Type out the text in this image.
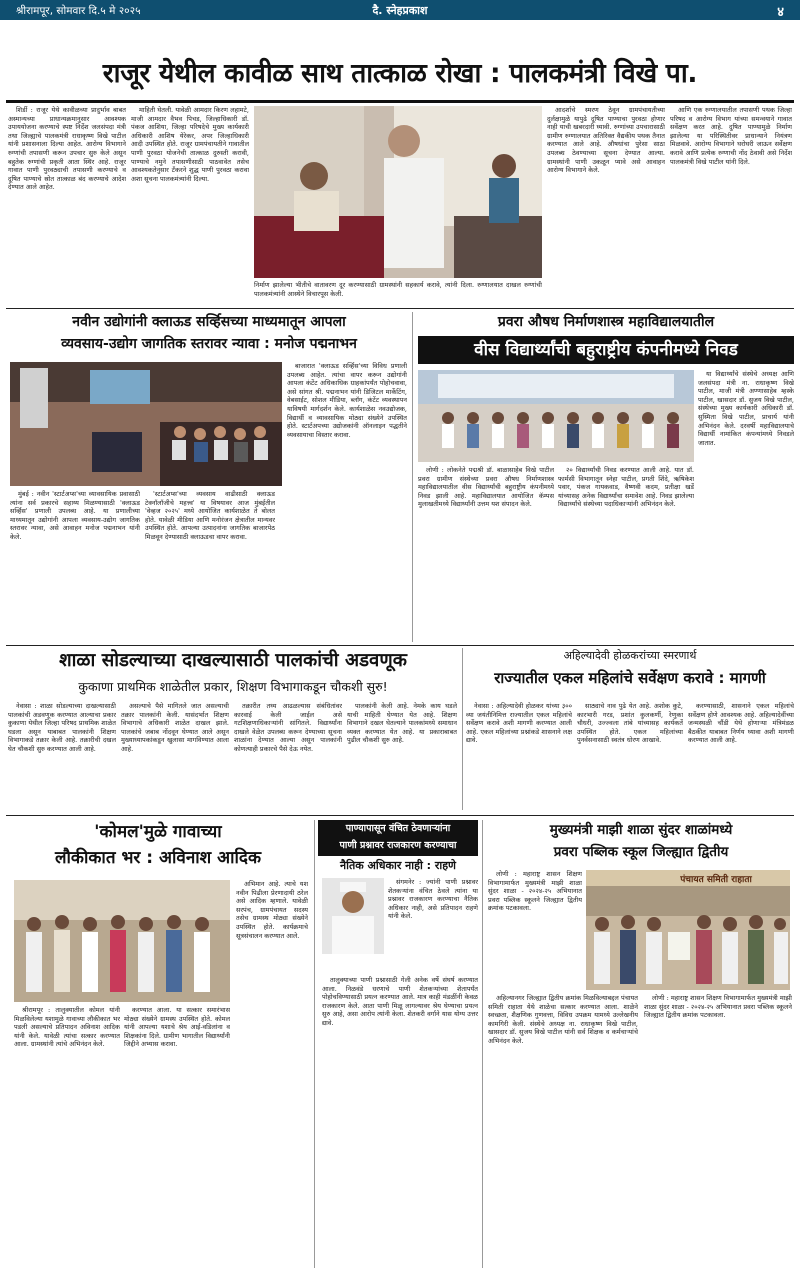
श्रीरामपूर, सोमवार दि.५ मे २०२५	दै. स्नेहप्रकाश	४
राजूर येथील कावीळ साथ तात्काळ रोखा : पालकमंत्री विखे पा.

शिर्डी : राजूर येथे कावीळच्या प्रादुर्भाव बाबत अस्मान्यच्या प्राधान्यक्रमानुसार आवश्यक उपाययोजना करण्याचे स्पष्ट निर्देश जलसंपदा मंत्री तथा जिल्ह्याचे पालकमंत्री राधाकृष्ण विखे पाटील यांनी प्रशासनाला दिल्या आहेत. आरोग्य विभागाने रुग्णांची तपासणी करून उपचार सुरु केले असून बहुतेक रुग्णांची प्रकृती आता स्थिर आहे. राजूर गावात पाणी पुरवठ्याची तपासणी करण्याचे व दूषित पाण्याचे स्रोत तात्काळ बंद करण्याचे आदेश देण्यात आले आहेत.

माहिती घेतली. यावेळी आमदार किरण लहामटे, माजी आमदार वैभव पिचड, जिल्हाधिकारी डॉ. पंकज आशिया, जिल्हा परिषदेचे मुख्य कार्यकारी अधिकारी आशिष येरेकर, अपर जिल्हाधिकारी आदी उपस्थित होते. राजूर ग्रामपंचायतीने गावातील पाणी पुरवठा योजनेची तात्काळ दुरुस्ती करावी, पाण्याचे नमुने तपासणीसाठी पाठवावेत तसेच आवश्यकतेनुसार टँकरने शुद्ध पाणी पुरवठा करावा अशा सूचना पालकमंत्र्यांनी दिल्या.

निर्माण झालेल्या भीतीचे वातावरण दूर करण्यासाठी ग्रामस्थांनी सहकार्य करावे, त्यांनी दिला. रुग्णालयात दाखल रुग्णांची पालकमंत्र्यांनी आस्थेने विचारपूस केली.

आदर्शाचे स्मरण ठेवून ग्रामपंचायतीच्या दुर्लक्षामुळे यापुढे दूषित पाण्याचा पुरवठा होणार नाही याची खबरदारी घ्यावी. रुग्णांच्या उपचारासाठी ग्रामीण रुग्णालयात अतिरिक्त वैद्यकीय पथक तैनात करण्यात आले आहे. औषधांचा पुरेसा साठा उपलब्ध ठेवण्याच्या सूचना देण्यात आल्या. ग्रामस्थांनी पाणी उकळून प्यावे असे आवाहन आरोग्य विभागाने केले.

आणि एक रुग्णालयातील तपासणी पथक जिल्हा परिषद व आरोग्य विभाग यांच्या समन्वयाने गावात सर्वेक्षण करत आहे. दुषित पाण्यामुळे निर्माण झालेल्या या परिस्थितीवर प्राधान्याने नियंत्रण मिळवावे. आरोग्य विभागाने घरोघरी जाऊन सर्वेक्षण करावे आणि प्रत्येक रुग्णाची नोंद ठेवावी असे निर्देश पालकमंत्री विखे पाटील यांनी दिले.

नवीन उद्योगांनी क्लाऊड सर्व्हिसच्या माध्यमातून आपला
व्यवसाय-उद्योग जागतिक स्तरावर न्यावा : मनोज पद्मनाभन

बाजारात 'क्लाऊड सर्व्हिस'च्या विविध प्रणाली उपलब्ध आहेत. त्यांचा वापर करून उद्योगांनी आपला कंटेंट अधिकाधिक ग्राहकांपर्यंत पोहोचवावा, असे सांगत श्री. पद्मनाभन यांनी डिजिटल मार्केटिंग, वेबसाईट, सोशल मीडिया, ब्लॉग, कंटेंट व्यवस्थापन याविषयी मार्गदर्शन केले. कार्यशाळेस नवउद्योजक, विद्यार्थी व व्यावसायिक मोठ्या संख्येने उपस्थित होते. स्टार्टअपच्या उद्योजकांनी ऑनलाइन पद्धतीने व्यवसायाचा विस्तार करावा.

मुंबई : नवीन 'स्टार्टअप्स'च्या व्यावसायिक प्रवासाठी त्यांना सर्व प्रकारचे सहाय्य मिळण्यासाठी 'क्लाऊड सर्व्हिस' प्रणाली उपलब्ध आहे. या प्रणालीच्या माध्यमातून उद्योगांनी आपला व्यवसाय-उद्योग जागतिक स्तरावर न्यावा, असे आवाहन मनोज पद्मनाभन यांनी केले.

'स्टार्टअप्स'च्या व्यवसाय वाढीसाठी क्लाऊड टेक्नॉलॉजीचे महत्त्व' या विषयावर आज मुंबईतील 'वेव्हज २०२५' मध्ये आयोजित कार्यशाळेत ते बोलत होते. यावेळी मीडिया आणि मनोरंजन क्षेत्रातील मान्यवर उपस्थित होते. आपल्या उत्पादनांना जागतिक बाजारपेठ मिळवून देण्यासाठी क्लाऊडचा वापर करावा.

प्रवरा औषध निर्माणशास्त्र महाविद्यालयातील
वीस विद्यार्थ्यांची बहुराष्ट्रीय कंपनीमध्ये निवड

लोणी : लोकनेते पद्मश्री डॉ. बाळासाहेब विखे पाटील प्रवरा ग्रामीण संस्थेच्या प्रवरा औषध निर्माणशास्त्र महाविद्यालयातील वीस विद्यार्थ्यांची बहुराष्ट्रीय कंपनीमध्ये निवड झाली आहे. महाविद्यालयात आयोजित कॅम्पस मुलाखतीमध्ये विद्यार्थ्यांनी उत्तम यश संपादन केले.

२० विद्यार्थ्यांची निवड करण्यात आली आहे. यात डॉ. फार्मसी विभागातून स्नेहा पाटील, प्रगती शिंदे, ऋषिकेश पवार, पंकज गायकवाड, वैष्णवी कदम, प्रतीक्षा खर्डे यांच्यासह अनेक विद्यार्थ्यांचा समावेश आहे. निवड झालेल्या विद्यार्थ्यांचे संस्थेच्या पदाधिकाऱ्यांनी अभिनंदन केले.

या विद्यार्थ्यांचे संस्थेचे अध्यक्ष आणि जलसंपदा मंत्री ना. राधाकृष्ण विखे पाटील, माजी मंत्री अण्णासाहेब म्हस्के पाटील, खासदार डॉ. सुजय विखे पाटील, संस्थेच्या मुख्य कार्यकारी अधिकारी डॉ. सुस्मिता विखे पाटील, प्राचार्य यांनी अभिनंदन केले. दरवर्षी महाविद्यालयाचे विद्यार्थी नामांकित कंपन्यांमध्ये निवडले जातात.

शाळा सोडल्याच्या दाखल्यासाठी पालकांची अडवणूक
कुकाणा प्राथमिक शाळेतील प्रकार, शिक्षण विभागाकडून चौकशी सुरु!

नेवासा : शाळा सोडल्याच्या दाखल्यासाठी पालकांची अडवणूक करण्यात आल्याचा प्रकार कुकाणा येथील जिल्हा परिषद प्राथमिक शाळेत घडला असून याबाबत पालकांनी शिक्षण विभागाकडे तक्रार केली आहे. तक्रारीची दखल घेत चौकशी सुरु करण्यात आली आहे.

असल्याचे पैसे मागितले जात असल्याची तक्रार पालकांनी केली. यासंदर्भात शिक्षण विभागाचे अधिकारी शाळेत दाखल झाले. पालकांचे जबाब नोंदवून घेण्यात आले असून मुख्याध्यापकांकडून खुलासा मागविण्यात आला आहे.

तक्रारीत तथ्य आढळल्यास संबंधितांवर कारवाई केली जाईल असे गटशिक्षणाधिकाऱ्यांनी सांगितले. विद्यार्थ्यांना दाखले वेळेत उपलब्ध करून देण्याच्या सूचना शाळांना देण्यात आल्या असून पालकांनी कोणत्याही प्रकारचे पैसे देऊ नयेत.

पालकांनी केली आहे. नेमके काय घडले याची माहिती घेण्यात येत आहे. शिक्षण विभागाने दखल घेतल्याने पालकांमध्ये समाधान व्यक्त करण्यात येत आहे. या प्रकाराबाबत पुढील चौकशी सुरु आहे.

अहिल्यादेवी होळकरांच्या स्मरणार्थ
राज्यातील एकल महिलांचे सर्वेक्षण करावे : मागणी

नेवासा : अहिल्यादेवी होळकर यांच्या ३०० व्या जयंतीनिमित्त राज्यातील एकल महिलांचे सर्वेक्षण करावे अशी मागणी करण्यात आली आहे. एकल महिलांच्या प्रश्नांकडे शासनाने लक्ष द्यावे.

साठ्याचे नाव पुढे येत आहे. अशोक कुटे, कारभारी गरड, प्रशांत कुलकर्णी, रेणुका चौधरी, उज्ज्वला तांबे यांच्यासह कार्यकर्ते उपस्थित होते. एकल महिलांच्या पुनर्वसनासाठी स्वतंत्र धोरण आखावे.

करण्यासाठी, शासनाने एकल महिलांचे सर्वेक्षण होणे आवश्यक आहे. अहिल्यादेवींच्या जन्मस्थळी चौंडी येथे होणाऱ्या मंत्रिमंडळ बैठकीत याबाबत निर्णय घ्यावा अशी मागणी करण्यात आली आहे.

'कोमल'मुळे गावाच्या
लौकीकात भर : अविनाश आदिक

श्रीरामपूर : तालुक्यातील कोमल यांनी मिळविलेल्या यशामुळे गावाच्या लौकीकात भर पडली असल्याचे प्रतिपादन अविनाश आदिक यांनी केले. यावेळी त्यांचा सत्कार करण्यात आला. ग्रामस्थांनी त्यांचे अभिनंदन केले.

करण्यात आला. या सत्कार समारंभास मोठ्या संख्येने ग्रामस्थ उपस्थित होते. कोमल यांनी आपल्या यशाचे श्रेय आई-वडिलांना व शिक्षकांना दिले. ग्रामीण भागातील विद्यार्थ्यांनी जिद्दीने अभ्यास करावा.

अभिमान आहे. त्याचे यश नवीन पिढीला प्रेरणादायी ठरेल असे आदिक म्हणाले. यावेळी सरपंच, ग्रामपंचायत सदस्य तसेच ग्रामस्थ मोठ्या संख्येने उपस्थित होते. कार्यक्रमाचे सूत्रसंचालन करण्यात आले.

पाण्यापासून वंचित ठेवणार्‍यांना
पाणी प्रश्नावर राजकारण करण्याचा
नैतिक अधिकार नाही : राहणे

संगमनेर : ज्यांनी पाणी प्रश्नावर शेतकऱ्यांना वंचित ठेवले त्यांना या प्रश्नावर राजकारण करण्याचा नैतिक अधिकार नाही, असे प्रतिपादन राहणे यांनी केले.

तालुक्याच्या पाणी प्रश्नासाठी गेली अनेक वर्षे संघर्ष करण्यात आला. निळवंडे धरणाचे पाणी शेतकऱ्यांच्या शेतापर्यंत पोहोचविण्यासाठी प्रयत्न करण्यात आले. मात्र काही मंडळींनी केवळ राजकारण केले. आता पाणी मिळू लागल्यावर श्रेय घेण्याचा प्रयत्न सुरु आहे, असा आरोप त्यांनी केला. शेतकरी वर्गाने यास योग्य उत्तर द्यावे.

मुख्यमंत्री माझी शाळा सुंदर शाळांमध्ये
प्रवरा पब्लिक स्कूल जिल्ह्यात द्वितीय

लोणी : महाराष्ट्र शासन शिक्षण विभागामार्फत मुख्यमंत्री माझी शाळा सुंदर शाळा - २०२४-२५ अभियानात प्रवरा पब्लिक स्कूलने जिल्ह्यात द्वितीय क्रमांक पटकावला.

पंचायत समिती राहाता

अहिल्यानगर जिल्ह्यात द्वितीय क्रमांक मिळविल्याबद्दल पंचायत समिती राहाता येथे शाळेचा सत्कार करण्यात आला. शाळेने स्वच्छता, शैक्षणिक गुणवत्ता, विविध उपक्रम यामध्ये उल्लेखनीय कामगिरी केली. संस्थेचे अध्यक्ष ना. राधाकृष्ण विखे पाटील, खासदार डॉ. सुजय विखे पाटील यांनी सर्व शिक्षक व कर्मचाऱ्यांचे अभिनंदन केले.

लोणी : महाराष्ट्र शासन शिक्षण विभागामार्फत मुख्यमंत्री माझी शाळा सुंदर शाळा - २०२४-२५ अभियानात प्रवरा पब्लिक स्कूलने जिल्ह्यात द्वितीय क्रमांक पटकावला.
